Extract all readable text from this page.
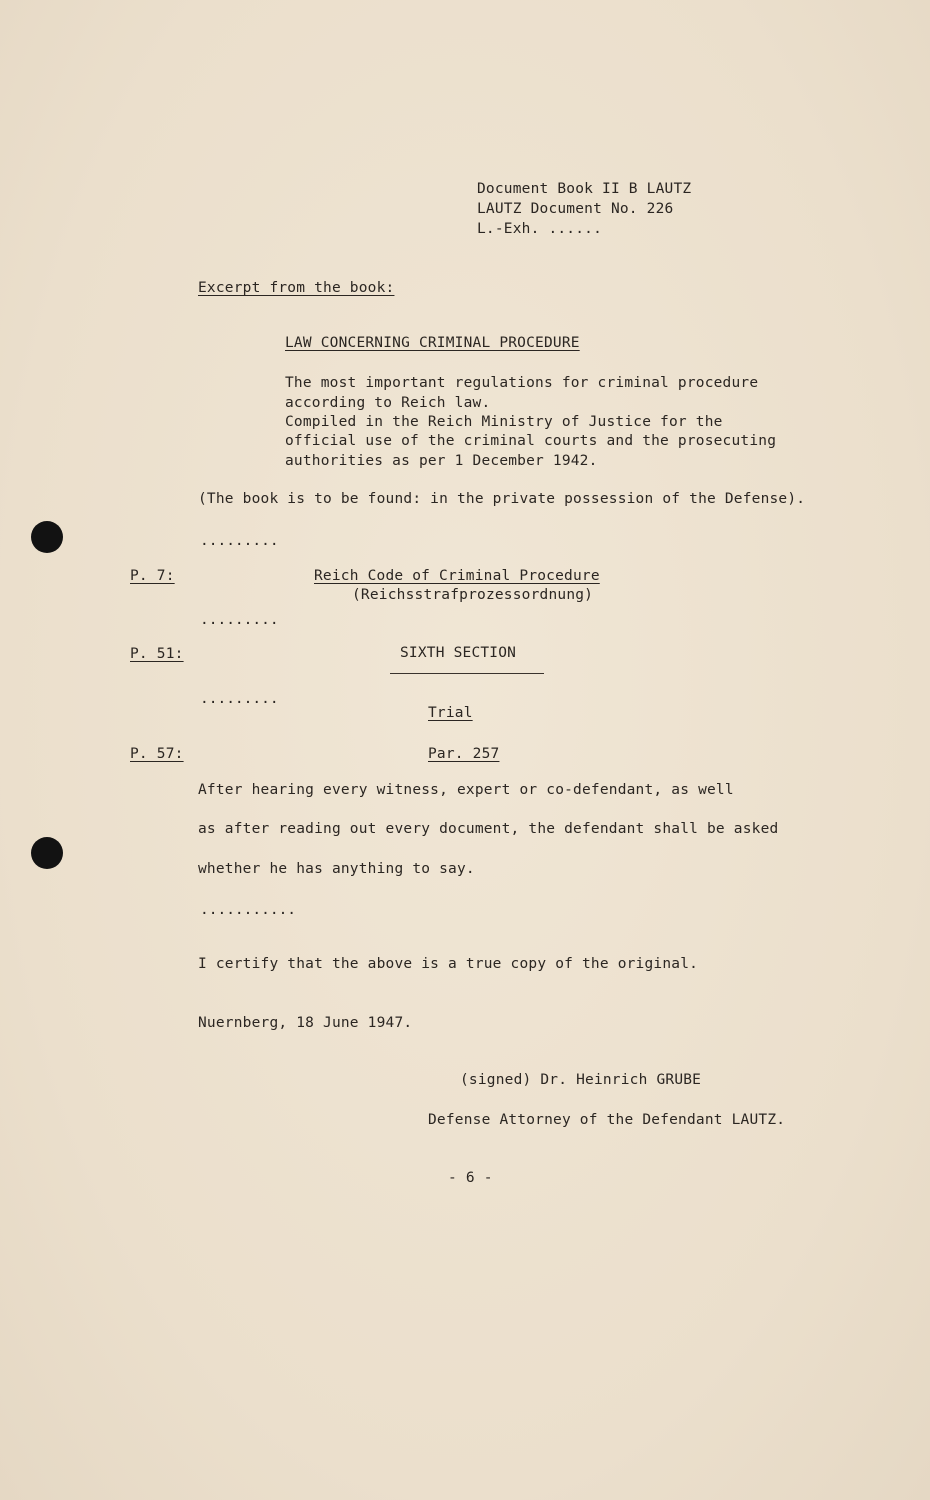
Document Book II B LAUTZ
LAUTZ Document No. 226
L.-Exh. ......
Excerpt from the book:
LAW CONCERNING CRIMINAL PROCEDURE
The most important regulations for criminal procedure
according to Reich law.
Compiled in the Reich Ministry of Justice for the
official use of the criminal courts and the prosecuting
authorities as per 1 December 1942.
(The book is to be found: in the private possession of the Defense).
.........
P. 7:	Reich Code of Criminal Procedure
(Reichsstrafprozessordnung)
.........
P. 51:	SIXTH SECTION
.........
Trial
P. 57:	Par. 257
After hearing every witness, expert or co-defendant, as well
as after reading out every document, the defendant shall be asked
whether he has anything to say.
...........
I certify that the above is a true copy of the original.
Nuernberg, 18 June 1947.
(signed) Dr. Heinrich GRUBE
Defense Attorney of the Defendant LAUTZ.
- 6 -
